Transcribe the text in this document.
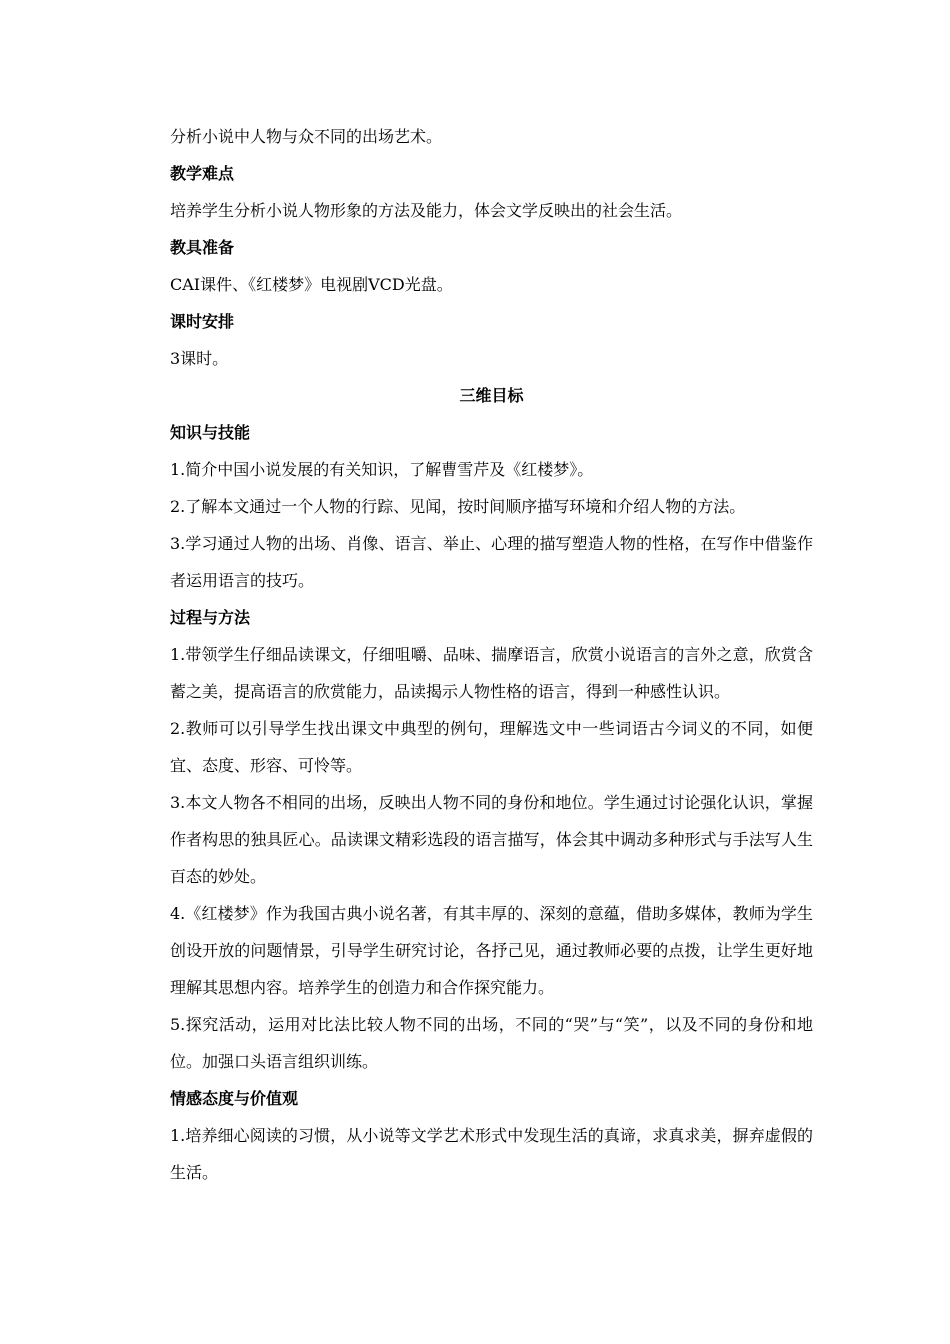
分析小说中人物与众不同的出场艺术。

教学难点

培养学生分析小说人物形象的方法及能力，体会文学反映出的社会生活。

教具准备

CAI课件、《红楼梦》电视剧VCD光盘。

课时安排

3课时。

三维目标

知识与技能

1.简介中国小说发展的有关知识，了解曹雪芹及《红楼梦》。

2.了解本文通过一个人物的行踪、见闻，按时间顺序描写环境和介绍人物的方法。

3.学习通过人物的出场、肖像、语言、举止、心理的描写塑造人物的性格，在写作中借鉴作者运用语言的技巧。

过程与方法

1.带领学生仔细品读课文，仔细咀嚼、品味、揣摩语言，欣赏小说语言的言外之意，欣赏含蓄之美，提高语言的欣赏能力，品读揭示人物性格的语言，得到一种感性认识。

2.教师可以引导学生找出课文中典型的例句，理解选文中一些词语古今词义的不同，如便宜、态度、形容、可怜等。

3.本文人物各不相同的出场，反映出人物不同的身份和地位。学生通过讨论强化认识，掌握作者构思的独具匠心。品读课文精彩选段的语言描写，体会其中调动多种形式与手法写人生百态的妙处。

4.《红楼梦》作为我国古典小说名著，有其丰厚的、深刻的意蕴，借助多媒体，教师为学生创设开放的问题情景，引导学生研究讨论，各抒己见，通过教师必要的点拨，让学生更好地理解其思想内容。培养学生的创造力和合作探究能力。

5.探究活动，运用对比法比较人物不同的出场，不同的“哭”与“笑”，以及不同的身份和地位。加强口头语言组织训练。

情感态度与价值观

1.培养细心阅读的习惯，从小说等文学艺术形式中发现生活的真谛，求真求美，摒弃虚假的生活。
